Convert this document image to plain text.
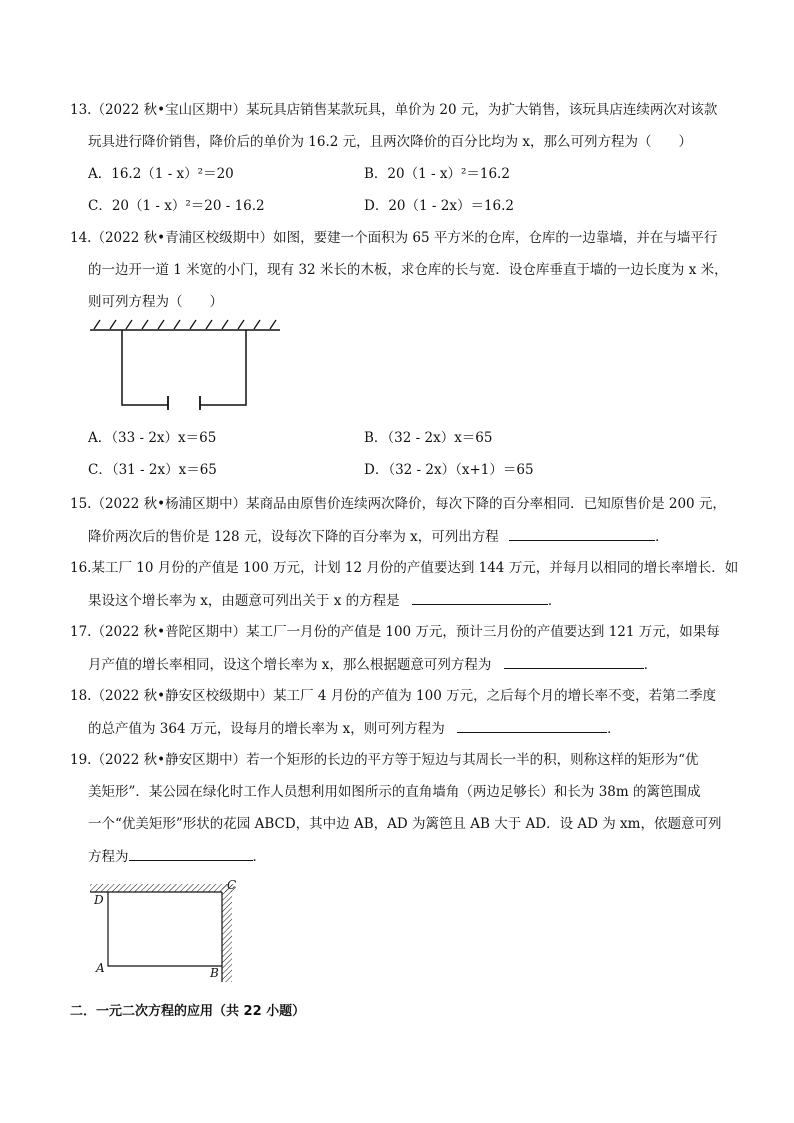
13.（2022 秋•宝山区期中）某玩具店销售某款玩具，单价为 20 元，为扩大销售，该玩具店连续两次对该款
玩具进行降价销售，降价后的单价为 16.2 元，且两次降价的百分比均为 x，那么可列方程为（　　）
A．16.2（1 - x）²＝20	B．20（1 - x）²＝16.2
C．20（1 - x）²＝20 - 16.2	D．20（1 - 2x）＝16.2
14.（2022 秋•青浦区校级期中）如图，要建一个面积为 65 平方米的仓库，仓库的一边靠墙，并在与墙平行
的一边开一道 1 米宽的小门，现有 32 米长的木板，求仓库的长与宽．设仓库垂直于墙的一边长度为 x 米，
则可列方程为（　　）
A．（33 - 2x）x＝65	B．（32 - 2x）x＝65
C．（31 - 2x）x＝65	D．（32 - 2x）（x+1）＝65
15.（2022 秋•杨浦区期中）某商品由原售价连续两次降价，每次下降的百分率相同．已知原售价是 200 元，
降价两次后的售价是 128 元，设每次下降的百分率为 x，可列出方程	．
16.某工厂 10 月份的产值是 100 万元，计划 12 月份的产值要达到 144 万元，并每月以相同的增长率增长．如
果设这个增长率为 x，由题意可列出关于 x 的方程是	．
17.（2022 秋•普陀区期中）某工厂一月份的产值是 100 万元，预计三月份的产值要达到 121 万元，如果每
月产值的增长率相同，设这个增长率为 x，那么根据题意可列方程为	．
18.（2022 秋•静安区校级期中）某工厂 4 月份的产值为 100 万元，之后每个月的增长率不变，若第二季度
的总产值为 364 万元，设每月的增长率为 x，则可列方程为	．
19.（2022 秋•静安区期中）若一个矩形的长边的平方等于短边与其周长一半的积，则称这样的矩形为“优
美矩形”．某公园在绿化时工作人员想利用如图所示的直角墙角（两边足够长）和长为 38m 的篱笆围成
一个“优美矩形”形状的花园 ABCD，其中边 AB，AD 为篱笆且 AB 大于 AD．设 AD 为 xm，依题意可列
方程为	．
D
C
A	B
二．一元二次方程的应用（共 22 小题）
